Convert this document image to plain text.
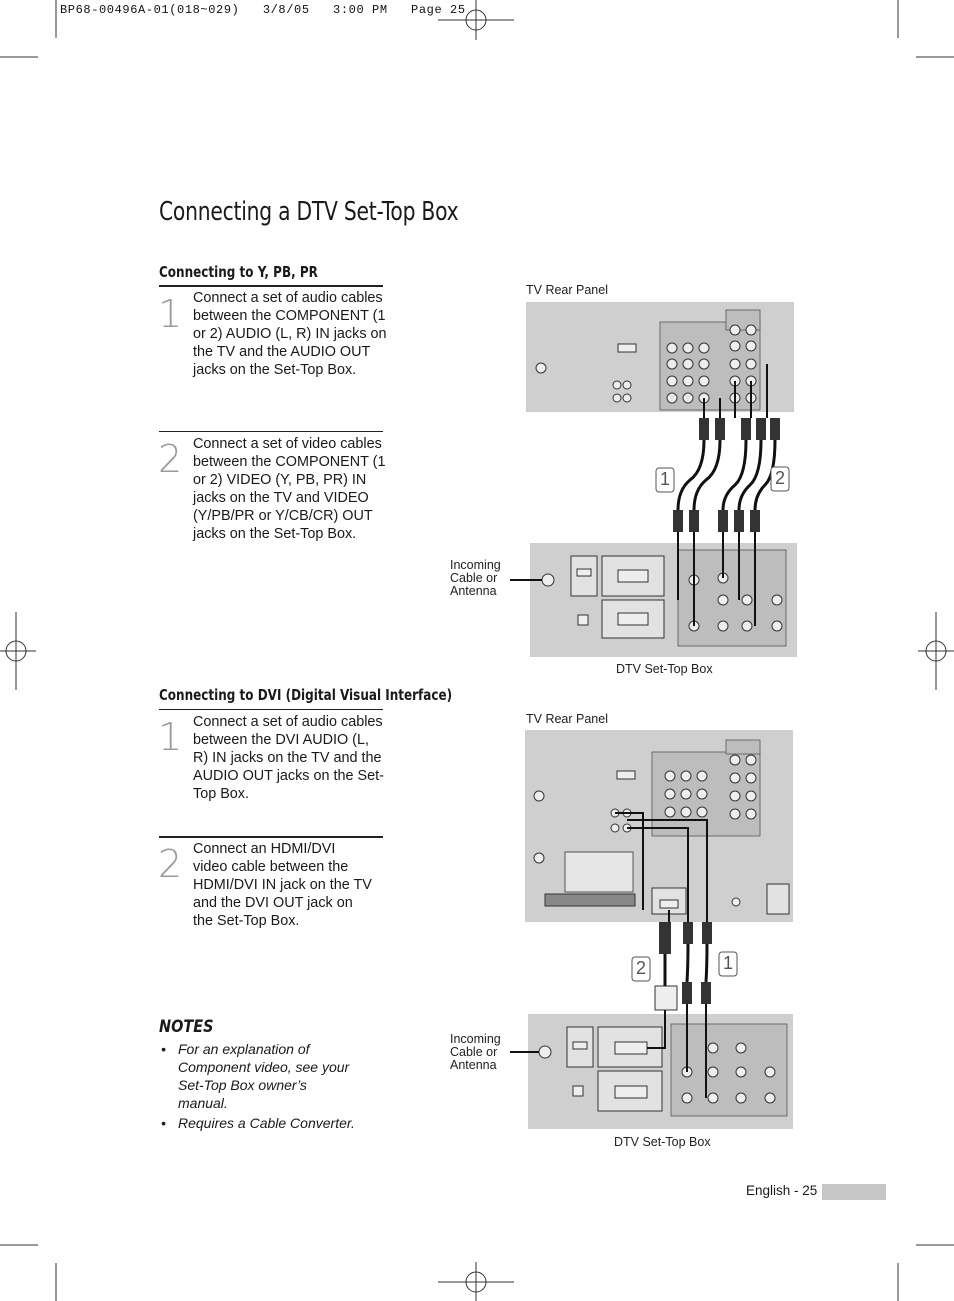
BP68-00496A-01(018~029)   3/8/05   3:00 PM   Page 25
Connecting a DTV Set-Top Box
Connecting to Y, PB, PR
1 Connect a set of audio cables between the COMPONENT (1 or 2) AUDIO (L, R) IN jacks on the TV and the AUDIO OUT jacks on the Set-Top Box.
2 Connect a set of video cables between the COMPONENT (1 or 2) VIDEO (Y, PB, PR) IN jacks on the TV and VIDEO (Y/PB/PR or Y/CB/CR) OUT jacks on the Set-Top Box.
TV Rear Panel
DTV Set-Top Box
Incoming Cable or Antenna
1	2
Connecting to DVI (Digital Visual Interface)
1 Connect a set of audio cables between the DVI AUDIO (L, R) IN jacks on the TV and the AUDIO OUT jacks on the Set-Top Box.
2 Connect an HDMI/DVI video cable between the HDMI/DVI IN jack on the TV and the DVI OUT jack on the Set-Top Box.
TV Rear Panel
DTV Set-Top Box
Incoming Cable or Antenna
2	1
NOTES
• For an explanation of Component video, see your Set-Top Box owner’s manual.
• Requires a Cable Converter.
English - 25
